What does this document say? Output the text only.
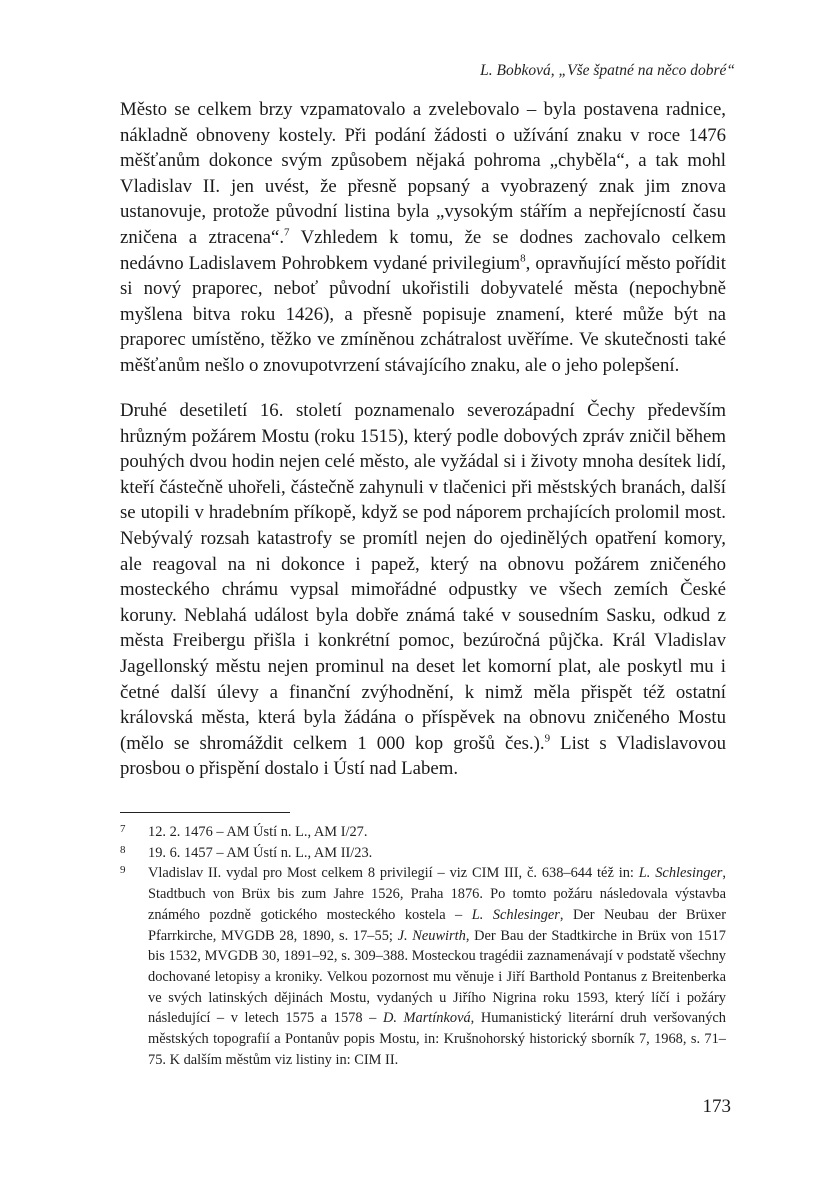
L. Bobková, „Vše špatné na něco dobré“

Město se celkem brzy vzpamatovalo a zvelebovalo – byla postavena radnice, nákladně obnoveny kostely. Při podání žádosti o užívání znaku v roce 1476 měšťanům dokonce svým způsobem nějaká pohroma „chyběla“, a tak mohl Vladislav II. jen uvést, že přesně popsaný a vyobrazený znak jim znova ustanovuje, protože původní listina byla „vysokým stářím a nepřejícností času zničena a ztracena“.$^7$ Vzhledem k tomu, že se dodnes zachovalo celkem nedávno Ladislavem Pohrobkem vydané privilegium$^8$, opravňující město pořídit si nový praporec, neboť původní ukořistili dobyvatelé města (nepochybně myšlena bitva roku 1426), a přesně popisuje znamení, které může být na praporec umístěno, těžko ve zmíněnou zchátralost uvěříme. Ve skutečnosti také měšťanům nešlo o znovupotvrzení stávajícího znaku, ale o jeho polepšení.

Druhé desetiletí 16. století poznamenalo severozápadní Čechy především hrůzným požárem Mostu (roku 1515), který podle dobových zpráv zničil během pouhých dvou hodin nejen celé město, ale vyžádal si i životy mnoha desítek lidí, kteří částečně uhořeli, částečně zahynuli v tlačenici při městských branách, další se utopili v hradebním příkopě, když se pod náporem prchajících prolomil most. Nebývalý rozsah katastrofy se promítl nejen do ojedinělých opatření komory, ale reagoval na ni dokonce i papež, který na obnovu požárem zničeného mosteckého chrámu vypsal mimořádné odpustky ve všech zemích České koruny. Neblahá událost byla dobře známá také v sousedním Sasku, odkud z města Freibergu přišla i konkrétní pomoc, bezúročná půjčka. Král Vladislav Jagellonský městu nejen prominul na deset let komorní plat, ale poskytl mu i četné další úlevy a finanční zvýhodnění, k nimž měla přispět též ostatní královská města, která byla žádána o příspěvek na obnovu zničeného Mostu (mělo se shromáždit celkem 1 000 kop grošů čes.).$^9$ List s Vladislavovou prosbou o přispění dostalo i Ústí nad Labem.

7 12. 2. 1476 – AM Ústí n. L., AM I/27.
8 19. 6. 1457 – AM Ústí n. L., AM II/23.
9 Vladislav II. vydal pro Most celkem 8 privilegií – viz CIM III, č. 638–644 též in: L. Schlesinger, Stadtbuch von Brüx bis zum Jahre 1526, Praha 1876. Po tomto požáru následovala výstavba známého pozdně gotického mosteckého kostela – L. Schlesinger, Der Neubau der Brüxer Pfarrkirche, MVGDB 28, 1890, s. 17–55; J. Neuwirth, Der Bau der Stadtkirche in Brüx von 1517 bis 1532, MVGDB 30, 1891–92, s. 309–388. Mosteckou tragédii zaznamenávají v podstatě všechny dochované letopisy a kroniky. Velkou pozornost mu věnuje i Jiří Barthold Pontanus z Breitenberka ve svých latinských dějinách Mostu, vydaných u Jiřího Nigrina roku 1593, který líčí i požáry následující – v letech 1575 a 1578 – D. Martínková, Humanistický literární druh veršovaných městských topografií a Pontanův popis Mostu, in: Krušnohorský historický sborník 7, 1968, s. 71–75. K dalším městům viz listiny in: CIM II.
173
